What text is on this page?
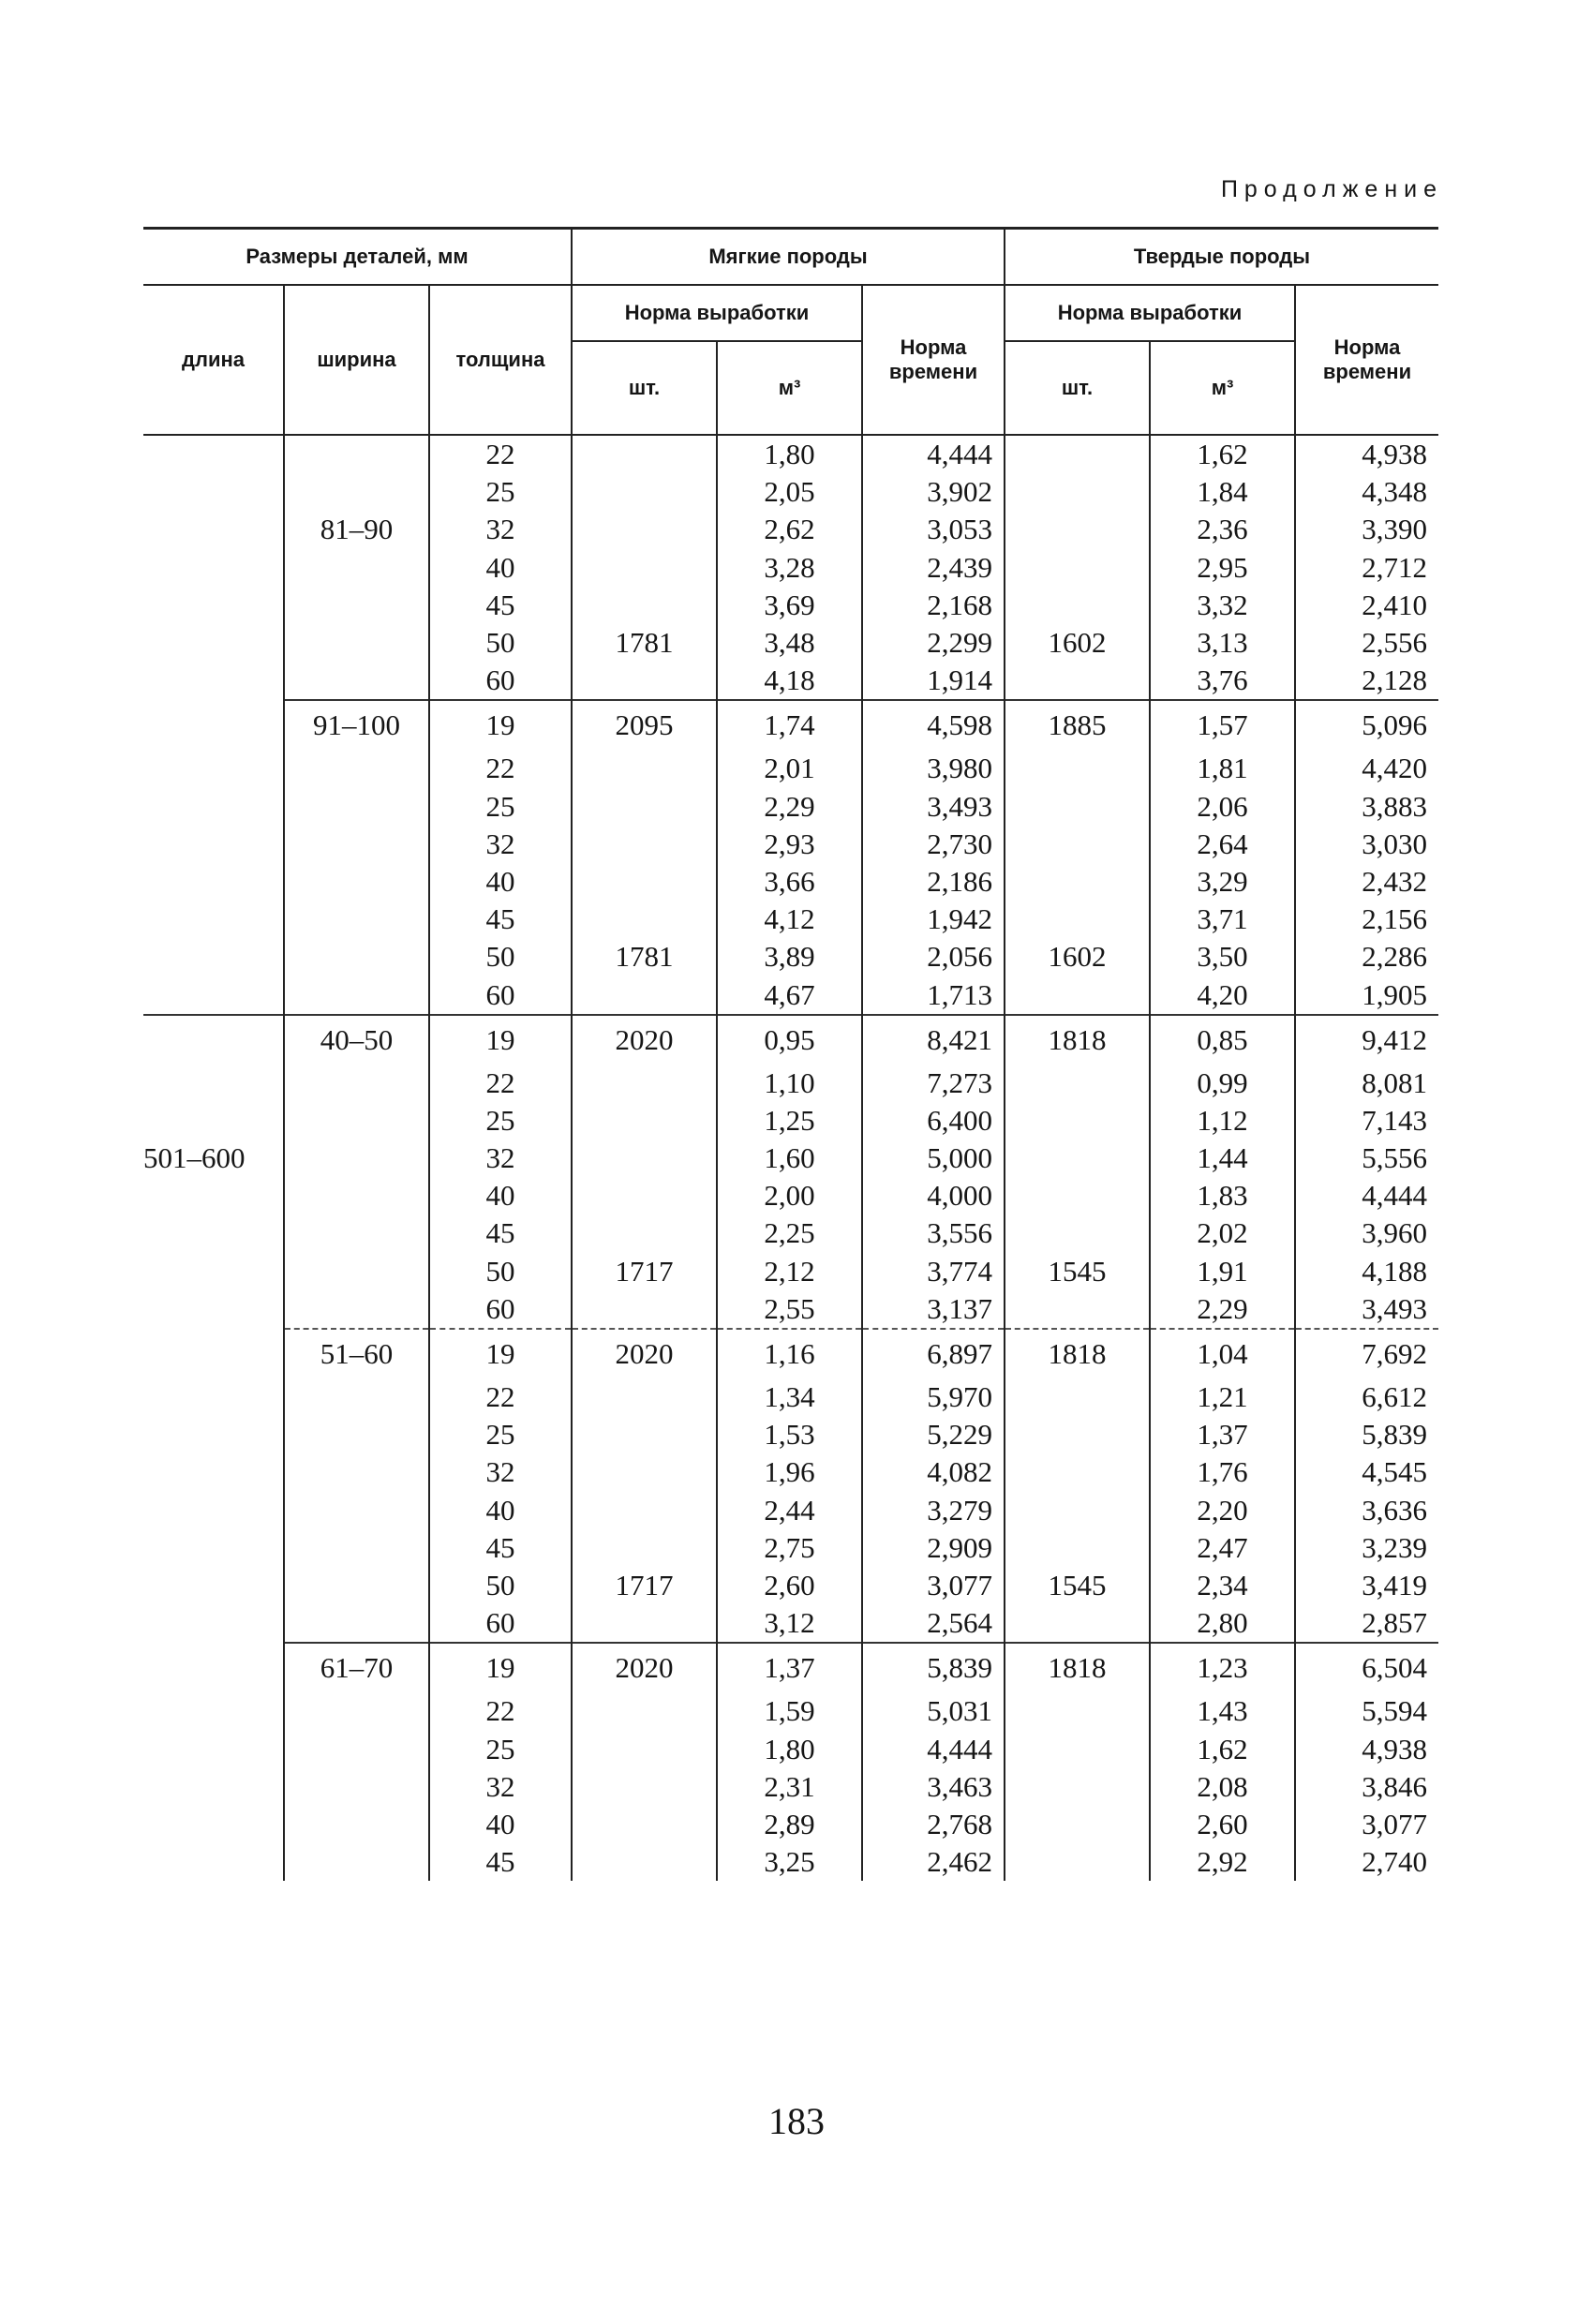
Продолжение
Размеры деталей, мм			Мягкие породы			Твердые породы		
длина	ширина	толщина	Норма выработки		Норма времени	Норма выработки		Норма времени
			шт.	м³		шт.	м³	
		22		1,80	4,444		1,62	4,938
		25		2,05	3,902		1,84	4,348
	81–90	32		2,62	3,053		2,36	3,390
		40		3,28	2,439		2,95	2,712
		45		3,69	2,168		3,32	2,410
		50	1781	3,48	2,299	1602	3,13	2,556
		60		4,18	1,914		3,76	2,128
	91–100	19	2095	1,74	4,598	1885	1,57	5,096
		22		2,01	3,980		1,81	4,420
		25		2,29	3,493		2,06	3,883
		32		2,93	2,730		2,64	3,030
		40		3,66	2,186		3,29	2,432
		45		4,12	1,942		3,71	2,156
		50	1781	3,89	2,056	1602	3,50	2,286
		60		4,67	1,713		4,20	1,905
	40–50	19	2020	0,95	8,421	1818	0,85	9,412
		22		1,10	7,273		0,99	8,081
		25		1,25	6,400		1,12	7,143
501–600		32		1,60	5,000		1,44	5,556
		40		2,00	4,000		1,83	4,444
		45		2,25	3,556		2,02	3,960
		50	1717	2,12	3,774	1545	1,91	4,188
		60		2,55	3,137		2,29	3,493
	51–60	19	2020	1,16	6,897	1818	1,04	7,692
		22		1,34	5,970		1,21	6,612
		25		1,53	5,229		1,37	5,839
		32		1,96	4,082		1,76	4,545
		40		2,44	3,279		2,20	3,636
		45		2,75	2,909		2,47	3,239
		50	1717	2,60	3,077	1545	2,34	3,419
		60		3,12	2,564		2,80	2,857
	61–70	19	2020	1,37	5,839	1818	1,23	6,504
		22		1,59	5,031		1,43	5,594
		25		1,80	4,444		1,62	4,938
		32		2,31	3,463		2,08	3,846
		40		2,89	2,768		2,60	3,077
		45		3,25	2,462		2,92	2,740
183
